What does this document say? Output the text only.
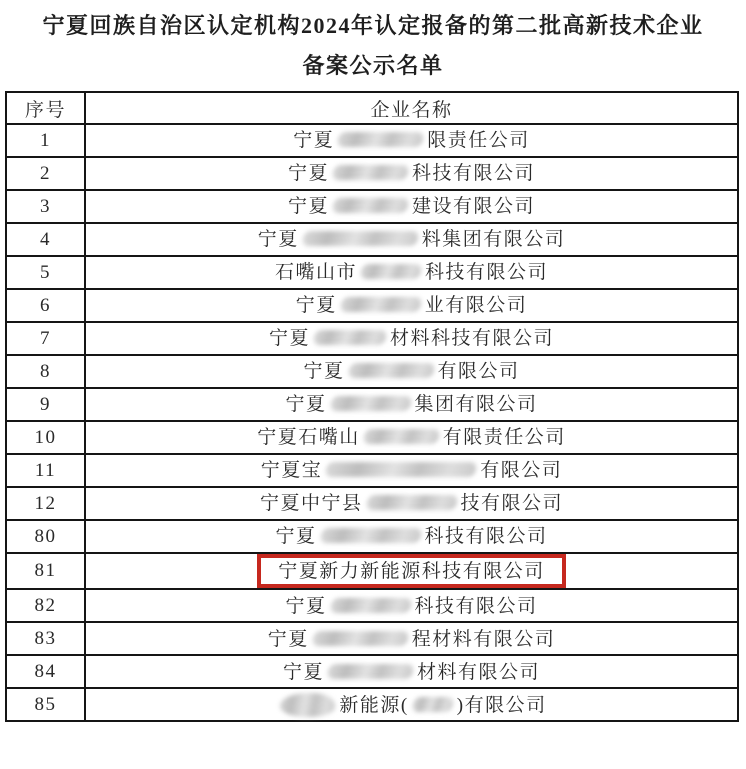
宁夏回族自治区认定机构2024年认定报备的第二批高新技术企业
备案公示名单
序号	企业名称
1	宁夏 限责任公司
2	宁夏 科技有限公司
3	宁夏 建设有限公司
4	宁夏 料集团有限公司
5	石嘴山市 科技有限公司
6	宁夏 业有限公司
7	宁夏 材料科技有限公司
8	宁夏 有限公司
9	宁夏 集团有限公司
10	宁夏石嘴山 有限责任公司
11	宁夏宝 有限公司
12	宁夏中宁县 技有限公司
80	宁夏 科技有限公司
81	宁夏新力新能源科技有限公司
82	宁夏 科技有限公司
83	宁夏 程材料有限公司
84	宁夏 材料有限公司
85	新能源( )有限公司
